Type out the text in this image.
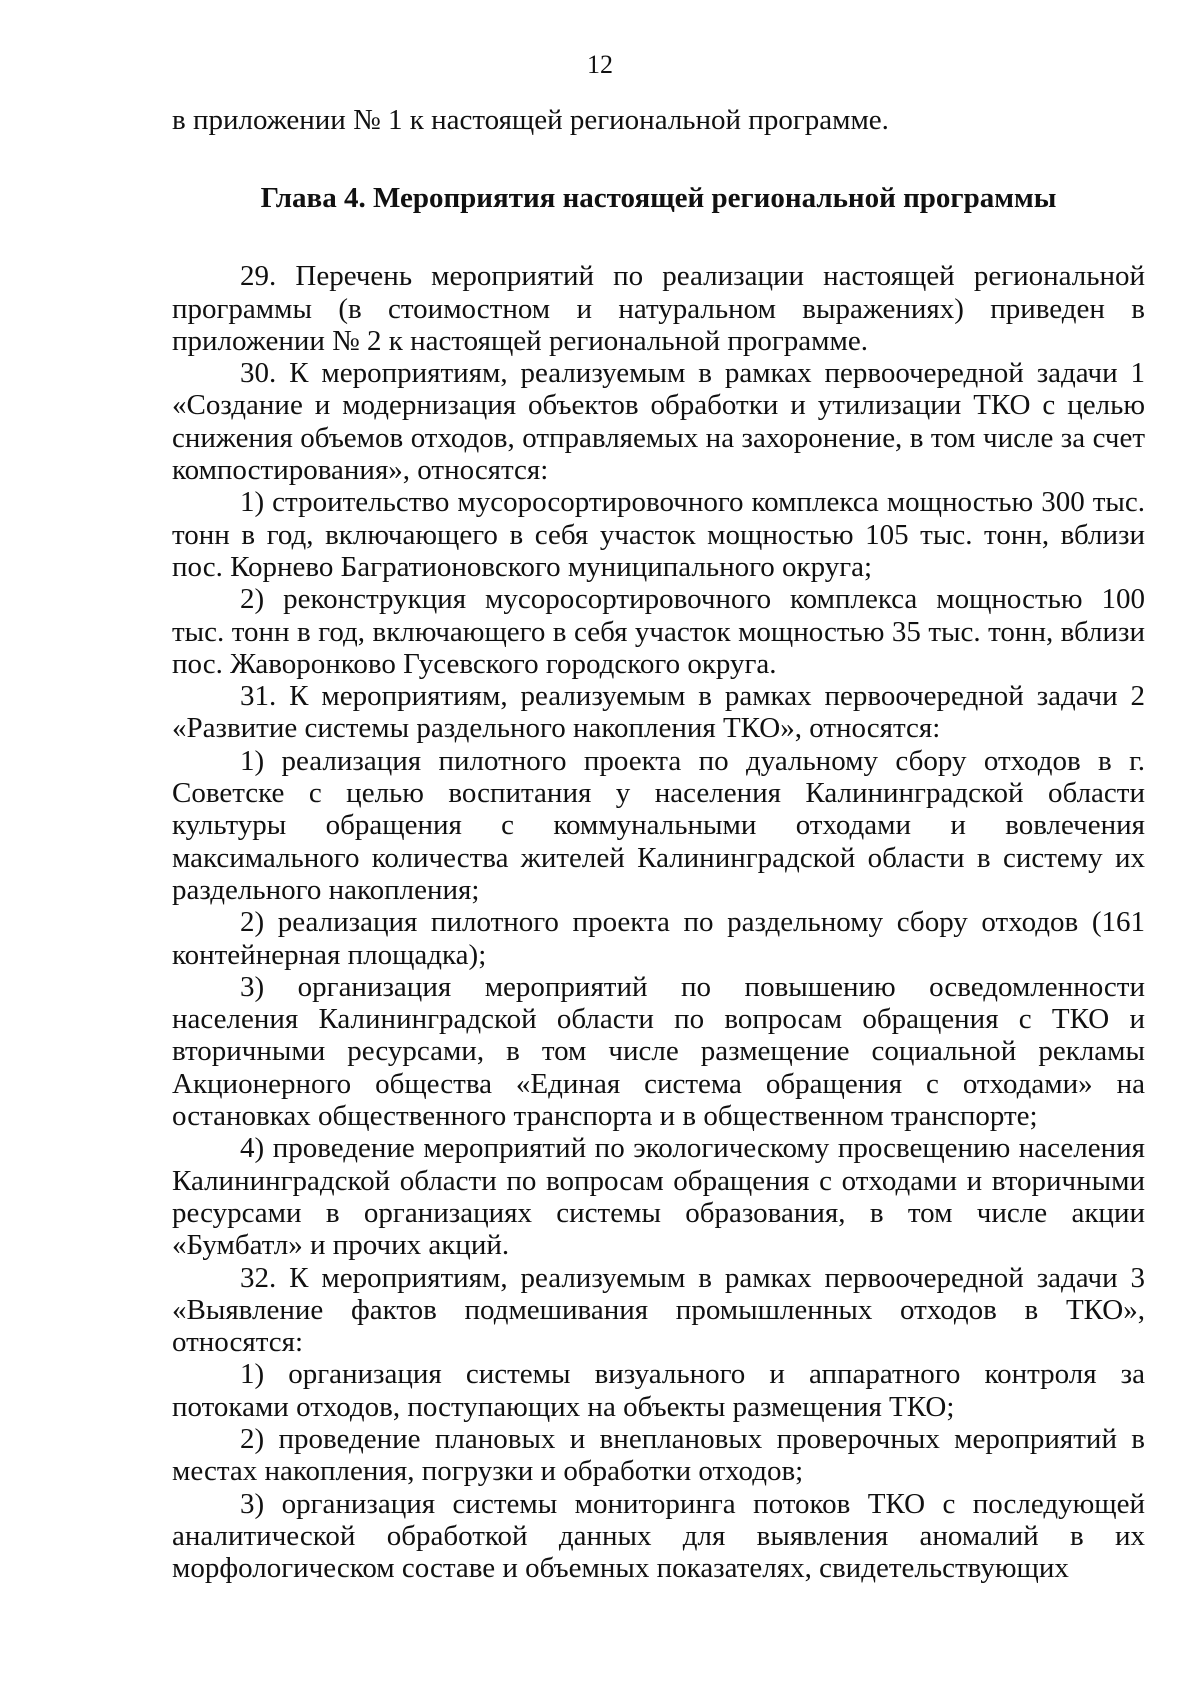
12

в приложении № 1 к настоящей региональной программе.

Глава 4. Мероприятия настоящей региональной программы

29. Перечень мероприятий по реализации настоящей региональной программы (в стоимостном и натуральном выражениях) приведен в приложении № 2 к настоящей региональной программе.

30. К мероприятиям, реализуемым в рамках первоочередной задачи 1 «Создание и модернизация объектов обработки и утилизации ТКО с целью снижения объемов отходов, отправляемых на захоронение, в том числе за счет компостирования», относятся:

1) строительство мусоросортировочного комплекса мощностью 300 тыс. тонн в год, включающего в себя участок мощностью 105 тыс. тонн, вблизи пос. Корнево Багратионовского муниципального округа;

2) реконструкция мусоросортировочного комплекса мощностью 100 тыс. тонн в год, включающего в себя участок мощностью 35 тыс. тонн, вблизи пос. Жаворонково Гусевского городского округа.

31. К мероприятиям, реализуемым в рамках первоочередной задачи 2 «Развитие системы раздельного накопления ТКО», относятся:

1) реализация пилотного проекта по дуальному сбору отходов в г. Советске с целью воспитания у населения Калининградской области культуры обращения с коммунальными отходами и вовлечения максимального количества жителей Калининградской области в систему их раздельного накопления;

2) реализация пилотного проекта по раздельному сбору отходов (161 контейнерная площадка);

3) организация мероприятий по повышению осведомленности населения Калининградской области по вопросам обращения с ТКО и вторичными ресурсами, в том числе размещение социальной рекламы Акционерного общества «Единая система обращения с отходами» на остановках общественного транспорта и в общественном транспорте;

4) проведение мероприятий по экологическому просвещению населения Калининградской области по вопросам обращения с отходами и вторичными ресурсами в организациях системы образования, в том числе акции «Бумбатл» и прочих акций.

32. К мероприятиям, реализуемым в рамках первоочередной задачи 3 «Выявление фактов подмешивания промышленных отходов в ТКО», относятся:

1) организация системы визуального и аппаратного контроля за потоками отходов, поступающих на объекты размещения ТКО;

2) проведение плановых и внеплановых проверочных мероприятий в местах накопления, погрузки и обработки отходов;

3) организация системы мониторинга потоков ТКО с последующей аналитической обработкой данных для выявления аномалий в их морфологическом составе и объемных показателях, свидетельствующих
